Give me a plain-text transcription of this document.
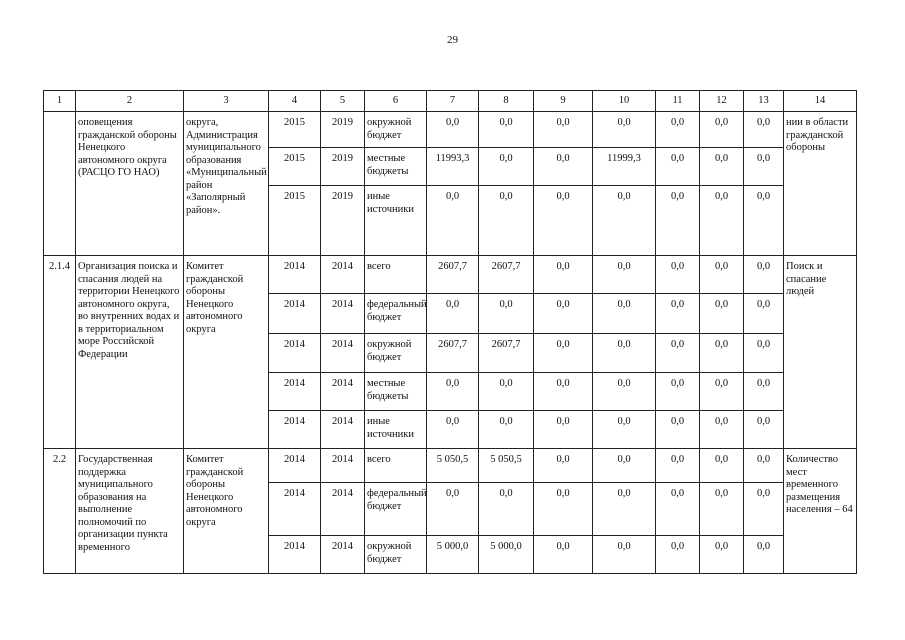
29
1	2	3	4	5	6	7	8	9	10	11	12	13	14
	оповещения гражданской обороны Ненецкого автономного округа (РАСЦО ГО НАО)	округа, Администрация муниципального образования «Муниципальный район «Заполярный район».	2015	2019	окружной бюджет	0,0	0,0	0,0	0,0	0,0	0,0	0,0	нии в области гражданской обороны
			2015	2019	местные бюджеты	11993,3	0,0	0,0	11999,3	0,0	0,0	0,0	
			2015	2019	иные источники	0,0	0,0	0,0	0,0	0,0	0,0	0,0	
2.1.4	Организация поиска и спасания людей на территории Ненецкого автономного округа, во внутренних водах и в территориальном море Российской Федерации	Комитет гражданской обороны Ненецкого автономного округа	2014	2014	всего	2607,7	2607,7	0,0	0,0	0,0	0,0	0,0	Поиск и спасание людей
			2014	2014	федеральный бюджет	0,0	0,0	0,0	0,0	0,0	0,0	0,0	
			2014	2014	окружной бюджет	2607,7	2607,7	0,0	0,0	0,0	0,0	0,0	
			2014	2014	местные бюджеты	0,0	0,0	0,0	0,0	0,0	0,0	0,0	
			2014	2014	иные источники	0,0	0,0	0,0	0,0	0,0	0,0	0,0	
2.2	Государственная поддержка муниципального образования на выполнение полномочий по организации пункта временного	Комитет гражданской обороны Ненецкого автономного округа	2014	2014	всего	5 050,5	5 050,5	0,0	0,0	0,0	0,0	0,0	Количество мест временного размещения населения – 64
			2014	2014	федеральный бюджет	0,0	0,0	0,0	0,0	0,0	0,0	0,0	
			2014	2014	окружной бюджет	5 000,0	5 000,0	0,0	0,0	0,0	0,0	0,0	
